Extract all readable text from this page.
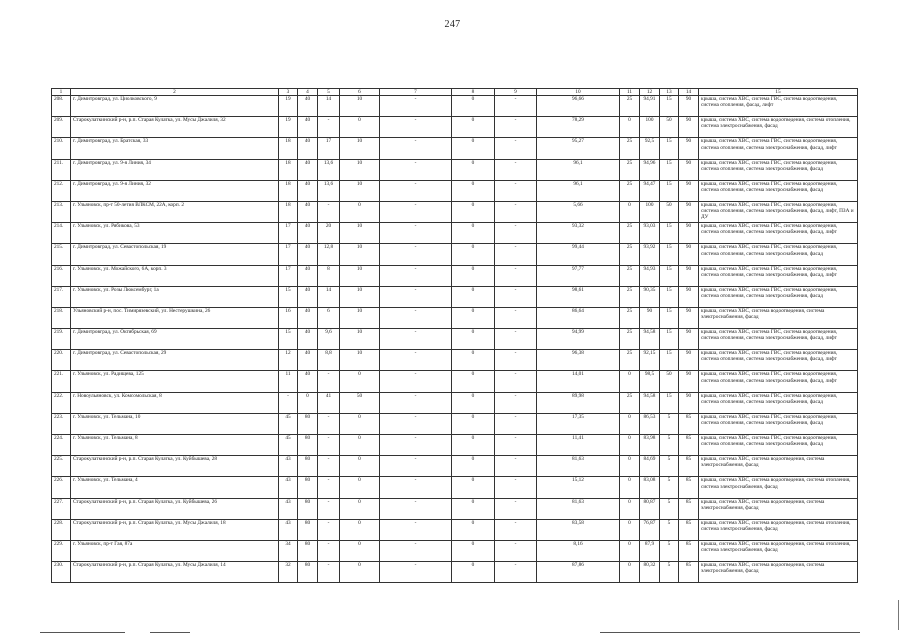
247
1	2	3	4	5	6	7	8	9	10	11	12	13	14	15
208.	г. Димитровград, ул. Циолковского, 9	19	40	14	10	-	0	-	96,66	25	94,91	15	90	крыша, система ХВС, система ГВС, система водоотведения, система отопления, фасад, лифт
209.	Старокулаткинский р-н, р.п. Старая Кулатка, ул. Мусы Джалиля, 32	19	40	-	0	-	0	-	78,29	0	100	50	90	крыша, система ХВС, система водоотведения, система отопления, система электроснабжения, фасад
210.	г. Димитровград, ул. Братская, 33	18	40	17	10	-	0	-	95,27	25	92,5	15	90	крыша, система ХВС, система ГВС, система водоотведения, система отопления, система электроснабжения, фасад, лифт
211.	г. Димитровград, ул. 9-я Линия, 34	18	40	13,6	10	-	0	-	96,1	25	94,96	15	90	крыша, система ХВС, система ГВС, система водоотведения, система отопления, система электроснабжения, фасад
212.	г. Димитровград, ул. 9-я Линия, 32	18	40	13,6	10	-	0	-	96,1	25	94,47	15	90	крыша, система ХВС, система ГВС, система водоотведения, система отопления, система электроснабжения, фасад
213.	г. Ульяновск, пр-т 50-летия ВЛКСМ, 22А, корп. 2	18	40	-	0	-	0	-	5,66	0	100	50	90	крыша, система ХВС, система ГВС, система водоотведения, система отопления, система электроснабжения, фасад, лифт, ПЗА и ДУ
214.	г. Ульяновск, ул. Рябикова, 53	17	40	20	10	-	0	-	93,32	25	93,03	15	90	крыша, система ХВС, система ГВС, система водоотведения, система отопления, система электроснабжения, фасад, лифт
215.	г. Димитровград, ул. Севастопольская, 19	17	40	12,8	10	-	0	-	99,44	25	93,92	15	90	крыша, система ХВС, система ГВС, система водоотведения, система отопления, система электроснабжения, фасад
216.	г. Ульяновск, ул. Можайского, 6А, корп. 3	17	40	8	10	-	0	-	97,77	25	94,93	15	90	крыша, система ХВС, система ГВС, система водоотведения, система отопления, система электроснабжения, фасад, лифт
217.	г. Ульяновск, ул. Розы Люксембург, 1а	15	40	14	10	-	0	-	98,61	25	90,35	15	90	крыша, система ХВС, система ГВС, система водоотведения, система отопления, система электроснабжения, фасад
218.	Ульяновский р-н, пос. Тимирязевский, ул. Нестерушкина, 26	16	40	6	10	-	0	-	86,64	25	90	15	90	крыша, система ХВС, система водоотведения, система электроснабжения, фасад
219.	г. Димитровград, ул. Октябрьская, 69	15	40	9,6	10	-	0	-	94,99	25	94,58	15	90	крыша, система ХВС, система ГВС, система водоотведения, система отопления, система электроснабжения, фасад, лифт
220.	г. Димитровград, ул. Севастопольская, 29	12	40	8,8	10	-	0	-	96,38	25	92,15	15	90	крыша, система ХВС, система ГВС, система водоотведения, система отопления, система электроснабжения, фасад, лифт
221.	г. Ульяновск, ул. Радищева, 125	11	40	-	0	-	0	-	14,01	0	98,5	50	90	крыша, система ХВС, система ГВС, система водоотведения, система отопления, система электроснабжения, фасад, лифт
222.	г. Новоульяновск, ул. Комсомольская, 8	-	0	41	50	-	0	-	89,98	25	94,58	15	90	крыша, система ХВС, система ГВС, система водоотведения, система отопления, система электроснабжения, фасад
223.	г. Ульяновск, ул. Тельмана, 10	45	80	-	0	-	0	-	17,35	0	86,53	5	85	крыша, система ХВС, система ГВС, система водоотведения, система отопления, система электроснабжения, фасад
224.	г. Ульяновск, ул. Тельмана, 8	45	80	-	0	-	0	-	11,41	0	83,98	5	85	крыша, система ХВС, система ГВС, система водоотведения, система отопления, система электроснабжения, фасад
225.	Старокулаткинский р-н, р.п. Старая Кулатка, ул. Куйбышева, 28	43	80	-	0	-	0	-	81,63	0	84,69	5	85	крыша, система ХВС, система водоотведения, система электроснабжения, фасад
226.	г. Ульяновск, ул. Тельмана, 4	43	80	-	0	-	0	-	15,12	0	83,08	5	85	крыша, система ХВС, система водоотведения, система отопления, система электроснабжения, фасад
227.	Старокулаткинский р-н, р.п. Старая Кулатка, ул. Куйбышева, 26	43	80	-	0	-	0	-	81,63	0	80,87	5	85	крыша, система ХВС, система водоотведения, система электроснабжения, фасад
228.	Старокулаткинский р-н, р.п. Старая Кулатка, ул. Мусы Джалиля, 18	43	80	-	0	-	0	-	83,58	0	76,87	5	85	крыша, система ХВС, система водоотведения, система отопления, система электроснабжения, фасад
229.	г. Ульяновск, пр-т Гая, 87а	34	80	-	0	-	0	-	8,16	0	87,9	5	85	крыша, система ХВС, система водоотведения, система отопления, система электроснабжения, фасад
230.	Старокулаткинский р-н, р.п. Старая Кулатка, ул. Мусы Джалиля, 14	32	80	-	0	-	0	-	87,86	0	80,32	5	85	крыша, система ХВС, система водоотведения, система электроснабжения, фасад
